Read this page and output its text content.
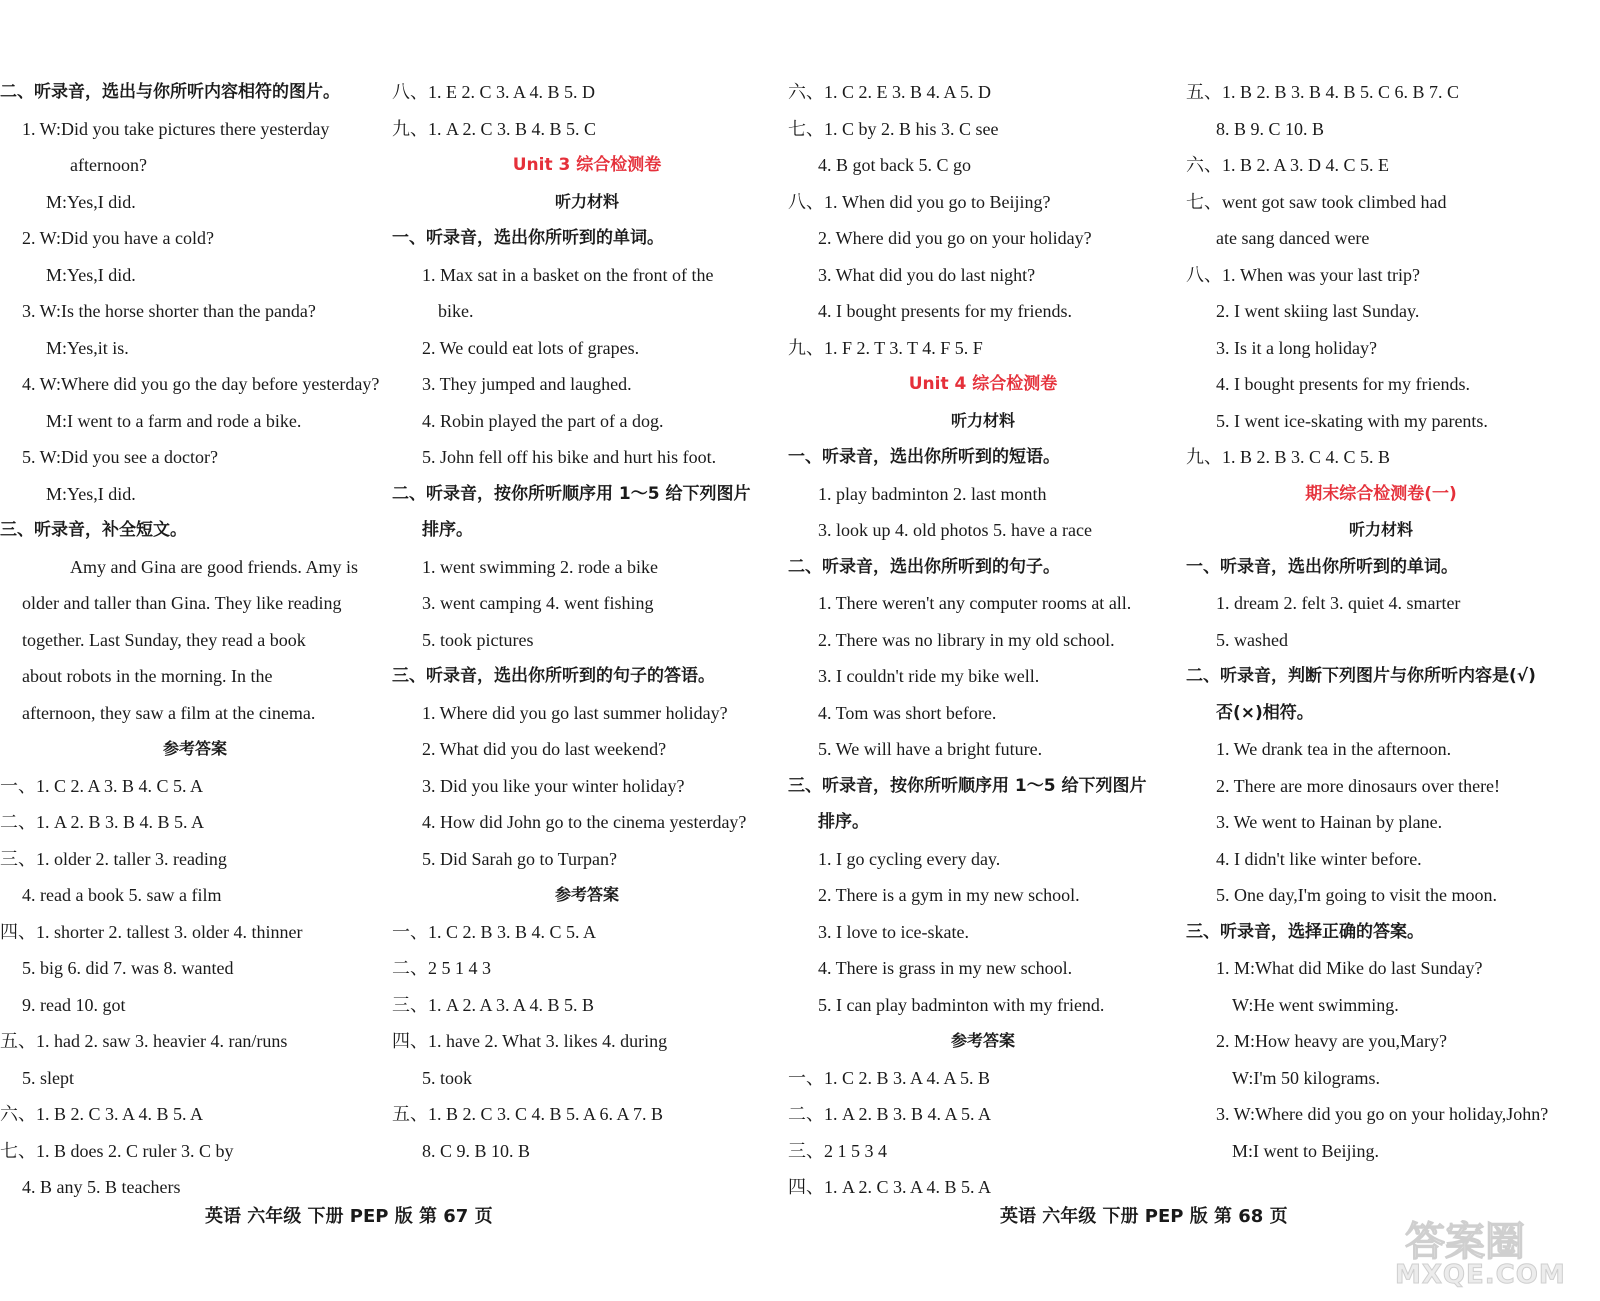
二、听录音，选出与你所听内容相符的图片。
1. W:Did you take pictures there yesterday
afternoon?
M:Yes,I did.
2. W:Did you have a cold?
M:Yes,I did.
3. W:Is the horse shorter than the panda?
M:Yes,it is.
4. W:Where did you go the day before yesterday?
M:I went to a farm and rode a bike.
5. W:Did you see a doctor?
M:Yes,I did.
三、听录音，补全短文。
Amy and Gina are good friends. Amy is
older and taller than Gina. They like reading
together. Last Sunday, they read a book
about robots in the morning. In the
afternoon, they saw a film at the cinema.
参考答案
一、1. C 2. A 3. B 4. C 5. A
二、1. A 2. B 3. B 4. B 5. A
三、1. older 2. taller 3. reading
4. read a book 5. saw a film
四、1. shorter 2. tallest 3. older 4. thinner
5. big 6. did 7. was 8. wanted
9. read 10. got
五、1. had 2. saw 3. heavier 4. ran/runs
5. slept
六、1. B 2. C 3. A 4. B 5. A
七、1. B does 2. C ruler 3. C by
4. B any 5. B teachers
八、1. E 2. C 3. A 4. B 5. D
九、1. A 2. C 3. B 4. B 5. C
Unit 3 综合检测卷
听力材料
一、听录音，选出你所听到的单词。
1. Max sat in a basket on the front of the
bike.
2. We could eat lots of grapes.
3. They jumped and laughed.
4. Robin played the part of a dog.
5. John fell off his bike and hurt his foot.
二、听录音，按你所听顺序用 1～5 给下列图片
排序。
1. went swimming 2. rode a bike
3. went camping 4. went fishing
5. took pictures
三、听录音，选出你所听到的句子的答语。
1. Where did you go last summer holiday?
2. What did you do last weekend?
3. Did you like your winter holiday?
4. How did John go to the cinema yesterday?
5. Did Sarah go to Turpan?
参考答案
一、1. C 2. B 3. B 4. C 5. A
二、2 5 1 4 3
三、1. A 2. A 3. A 4. B 5. B
四、1. have 2. What 3. likes 4. during
5. took
五、1. B 2. C 3. C 4. B 5. A 6. A 7. B
8. C 9. B 10. B
六、1. C 2. E 3. B 4. A 5. D
七、1. C by 2. B his 3. C see
4. B got back 5. C go
八、1. When did you go to Beijing?
2. Where did you go on your holiday?
3. What did you do last night?
4. I bought presents for my friends.
九、1. F 2. T 3. T 4. F 5. F
Unit 4 综合检测卷
听力材料
一、听录音，选出你所听到的短语。
1. play badminton 2. last month
3. look up 4. old photos 5. have a race
二、听录音，选出你所听到的句子。
1. There weren't any computer rooms at all.
2. There was no library in my old school.
3. I couldn't ride my bike well.
4. Tom was short before.
5. We will have a bright future.
三、听录音，按你所听顺序用 1～5 给下列图片
排序。
1. I go cycling every day.
2. There is a gym in my new school.
3. I love to ice-skate.
4. There is grass in my new school.
5. I can play badminton with my friend.
参考答案
一、1. C 2. B 3. A 4. A 5. B
二、1. A 2. B 3. B 4. A 5. A
三、2 1 5 3 4
四、1. A 2. C 3. A 4. B 5. A
五、1. B 2. B 3. B 4. B 5. C 6. B 7. C
8. B 9. C 10. B
六、1. B 2. A 3. D 4. C 5. E
七、went got saw took climbed had
ate sang danced were
八、1. When was your last trip?
2. I went skiing last Sunday.
3. Is it a long holiday?
4. I bought presents for my friends.
5. I went ice-skating with my parents.
九、1. B 2. B 3. C 4. C 5. B
期末综合检测卷(一)
听力材料
一、听录音，选出你所听到的单词。
1. dream 2. felt 3. quiet 4. smarter
5. washed
二、听录音，判断下列图片与你所听内容是(√)
否(×)相符。
1. We drank tea in the afternoon.
2. There are more dinosaurs over there!
3. We went to Hainan by plane.
4. I didn't like winter before.
5. One day,I'm going to visit the moon.
三、听录音，选择正确的答案。
1. M:What did Mike do last Sunday?
W:He went swimming.
2. M:How heavy are you,Mary?
W:I'm 50 kilograms.
3. W:Where did you go on your holiday,John?
M:I went to Beijing.
英语 六年级 下册 PEP 版 第 67 页	英语 六年级 下册 PEP 版 第 68 页
答案圈
MXQE.COM
